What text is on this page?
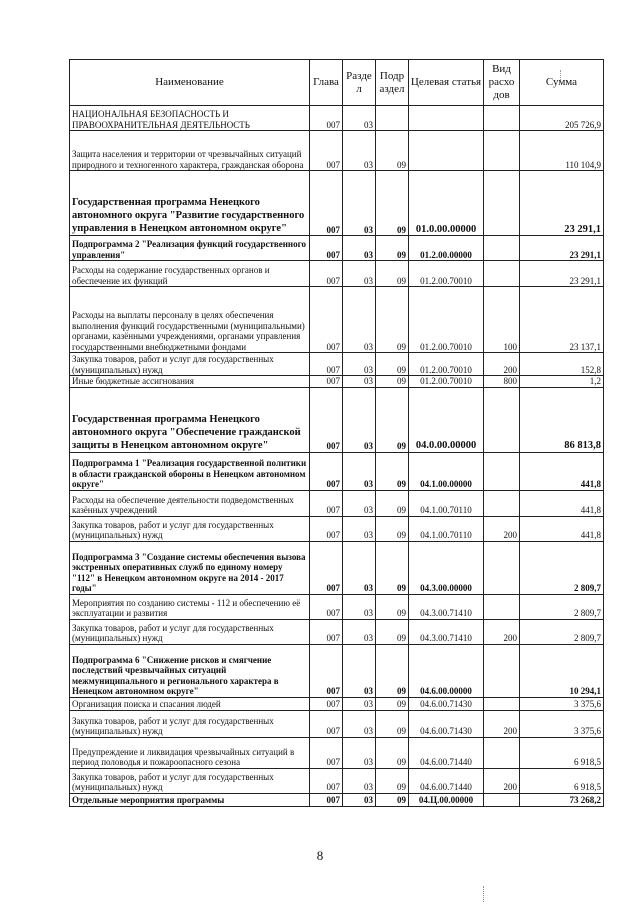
Наименование	Глава	Разде л	Подр аздел	Целевая статья	Вид расхо дов	Сумма
НАЦИОНАЛЬНАЯ БЕЗОПАСНОСТЬ И ПРАВООХРАНИТЕЛЬНАЯ ДЕЯТЕЛЬНОСТЬ	007	03				205 726,9
Защита населения и территории от чрезвычайных ситуаций природного и техногенного характера, гражданская оборона	007	03	09			110 104,9
Государственная программа Ненецкого автономного округа "Развитие государственного управления в Ненецком автономном округе"	007	03	09	01.0.00.00000		23 291,1
Подпрограмма 2 "Реализация функций государственного управления"	007	03	09	01.2.00.00000		23 291,1
Расходы на содержание государственных органов и обеспечение их функций	007	03	09	01.2.00.70010		23 291,1
Расходы на выплаты персоналу в целях обеспечения выполнения функций государственными (муниципальными) органами, казёнными учреждениями, органами управления государственными внебюджетными фондами	007	03	09	01.2.00.70010	100	23 137,1
Закупка товаров, работ и услуг для государственных (муниципальных) нужд	007	03	09	01.2.00.70010	200	152,8
Иные бюджетные ассигнования	007	03	09	01.2.00.70010	800	1,2
Государственная программа Ненецкого автономного округа "Обеспечение гражданской защиты в Ненецком автономном округе"	007	03	09	04.0.00.00000		86 813,8
Подпрограмма 1 "Реализация государственной политики в области гражданской обороны в Ненецком автономном округе"	007	03	09	04.1.00.00000		441,8
Расходы на обеспечение деятельности подведомственных казённых учреждений	007	03	09	04.1.00.70110		441,8
Закупка товаров, работ и услуг для государственных (муниципальных) нужд	007	03	09	04.1.00.70110	200	441,8
Подпрограмма 3 "Создание системы обеспечения вызова экстренных оперативных служб по единому номеру "112" в Ненецком автономном округе на 2014 - 2017 годы"	007	03	09	04.3.00.00000		2 809,7
Мероприятия по созданию системы - 112 и обеспечению её эксплуатации и развития	007	03	09	04.3.00.71410		2 809,7
Закупка товаров, работ и услуг для государственных (муниципальных) нужд	007	03	09	04.3.00.71410	200	2 809,7
Подпрограмма 6 "Снижение рисков и смягчение последствий чрезвычайных ситуаций межмуниципального и регионального характера в Ненецком автономном округе"	007	03	09	04.6.00.00000		10 294,1
Организация поиска и спасания людей	007	03	09	04.6.00.71430		3 375,6
Закупка товаров, работ и услуг для государственных (муниципальных) нужд	007	03	09	04.6.00.71430	200	3 375,6
Предупреждение и ликвидация чрезвычайных ситуаций в период половодья и пожароопасного сезона	007	03	09	04.6.00.71440		6 918,5
Закупка товаров, работ и услуг для государственных (муниципальных) нужд	007	03	09	04.6.00.71440	200	6 918,5
Отдельные мероприятия программы	007	03	09	04.Ц.00.00000		73 268,2
8
